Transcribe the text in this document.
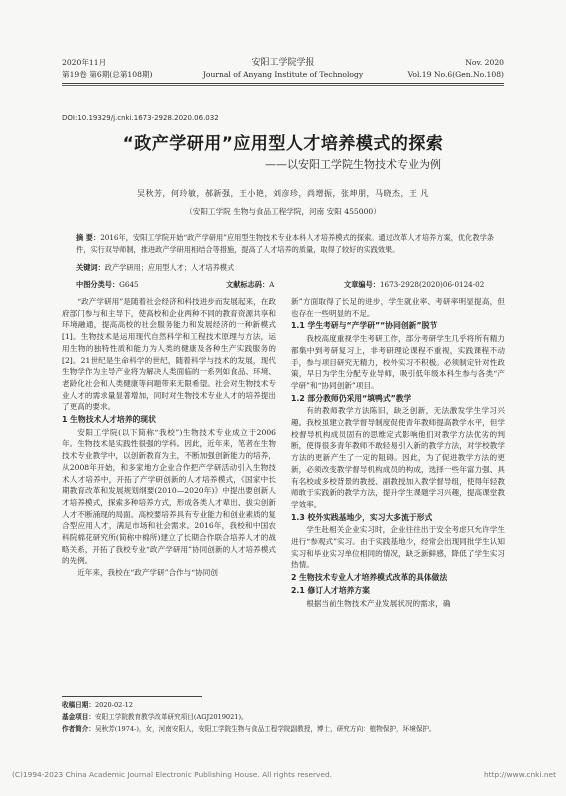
2020年11月
第19卷 第6期(总第108期)
安阳工学院学报
Journal of Anyang Institute of Technology
Nov. 2020
Vol.19 No.6(Gen.No.108)
DOI:10.19329/j.cnki.1673-2928.2020.06.032
“政产学研用”应用型人才培养模式的探索
——以安阳工学院生物技术专业为例
吴秋芳，何玲敏，郝新强，王小艳，刘彦珍，尚增振，张坤朋，马晓杰，王 凡
（安阳工学院 生物与食品工程学院，河南 安阳 455000）
摘 要：2016年，安阳工学院开始“政产学研用”应用型生物技术专业本科人才培养模式的探索。通过改革人才培养方案，优化教学条件，实行双导师制，推进政产学研用相结合等措施，提高了人才培养的质量，取得了较好的实践效果。
关键词：政产学研用；应用型人才；人才培养模式
中图分类号：G645	文献标志码：A	文章编号：1673-2928(2020)06-0124-02

“政产学研用”是随着社会经济和科技进步而发展起来，在政府部门参与和主导下，使高校和企业两种不同的教育资源共享和环境融通，提高高校的社会服务能力和发展经济的一种新模式[1]。生物技术是运用现代自然科学和工程技术原理与方法，运用生物的独特性质和能力为人类的健康及各种生产实践服务的[2]。21世纪是生命科学的世纪，随着科学与技术的发展，现代生物学作为主导产业将为解决人类面临的一系列如食品、环境、老龄化社会和人类健康等问题带来无限希望。社会对生物技术专业人才的需求量显著增加，同时对生物技术专业人才的培养提出了更高的要求。

1 生物技术人才培养的现状

安阳工学院(以下简称“我校”)生物技术专业成立于2006年。生物技术是实践性很强的学科。因此，近年来，笔者在生物技术专业教学中，以创新教育为主，不断加强创新能力的培养，从2008年开始，和多家地方企业合作把产学研活动引入生物技术人才培养中，开拓了产学研创新的人才培养模式，《国家中长期教育改革和发展规划纲要(2010—2020年)》中提出要创新人才培养模式，探索多种培养方式，形成各类人才辈出、拔尖创新人才不断涌现的局面。高校要培养具有专业能力和创业素质的复合型应用人才，满足市场和社会需求。2016年，我校和中国农科院棉花研究所(简称中棉所)建立了长期合作联合培养人才的战略关系，开拓了我校专业“政产学研用”协同创新的人才培养模式的先例。

近年来，我校在“政产学研”合作与“协同创

新”方面取得了长足的进步，学生就业率、考研率明显提高，但也存在一些明显的不足。

1.1 学生考研与“产学研”“协同创新”脱节

我校高度重视学生考研工作，部分考研学生几乎将所有精力都集中到考研复习上，非考研理论课程不重视，实践课程不动手，参与项目研究无精力，校外实习不积极。必须制定针对性政策，早日为学生分配专业导师，吸引低年级本科生参与各类“产学研”和“协同创新”项目。

1.2 部分教师仍采用“填鸭式”教学

有的教师教学方法陈旧，缺乏创新，无法激发学生学习兴趣。我校虽建立教学督导制度促使青年教师提高教学水平，但学校督导机构成员固有的思维定式影响他们对教学方法优劣的判断，使得很多青年教师不敢轻易引入新的教学方法，对学校教学方法的更新产生了一定的阻碍。因此，为了促进教学方法的更新，必须改变教学督导机构成员的构成，选择一些年富力强、具有名校或多校背景的教授、副教授加入教学督导组，使得年轻教师敢于实践新的教学方法，提升学生课题学习兴趣，提高课堂教学效率。

1.3 校外实践基地少，实习大多流于形式

学生赴相关企业实习时，企业往往出于安全考虑只允许学生进行“参观式”实习。由于实践基地少，经常会出现同批学生认知实习和毕业实习单位相同的情况，缺乏新鲜感，降低了学生实习热情。

2 生物技术专业人才培养模式改革的具体做法
2.1 修订人才培养方案

根据当前生物技术产业发展状况的需求，确

收稿日期：2020-02-12
基金项目：安阳工学院教育教学改革研究项目(AGJ2019021)。
作者简介：吴秋芳(1974-)，女，河南安阳人，安阳工学院生物与食品工程学院副教授，博士，研究方向：植物保护，环境保护。
(C)1994-2023 China Academic Journal Electronic Publishing House. All rights reserved.	http://www.cnki.net
